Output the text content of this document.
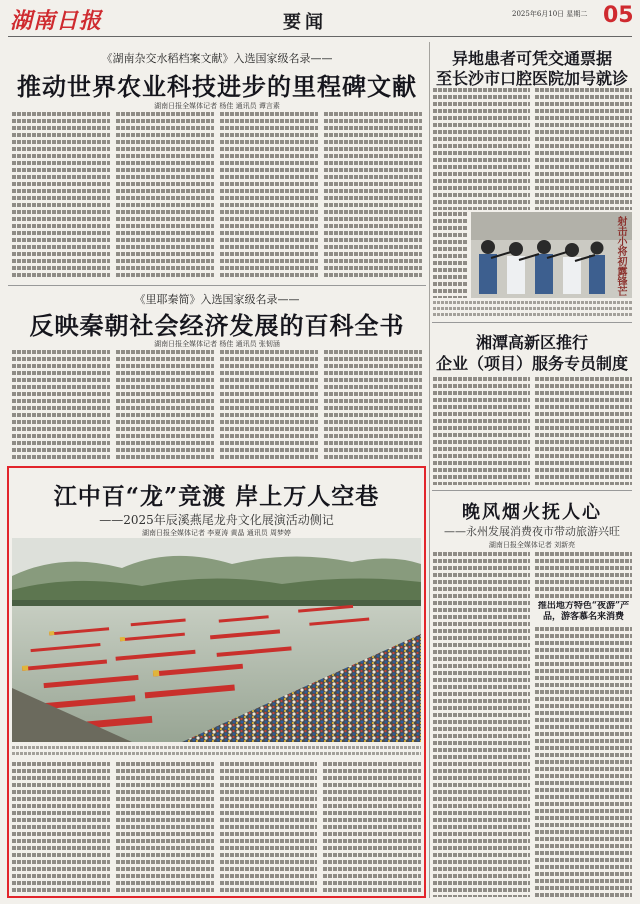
湖南日报	要闻	2025年6月10日 星期二 05
《湖南杂交水稻档案文献》入选国家级名录——
推动世界农业科技进步的里程碑文献
湖南日报全媒体记者 杨佳 通讯员 谭言素
《里耶秦简》入选国家级名录——
反映秦朝社会经济发展的百科全书
湖南日报全媒体记者 杨佳 通讯员 张韧涵
江中百“龙”竞渡 岸上万人空巷
——2025年辰溪燕尾龙舟文化展演活动侧记
湖南日报全媒体记者 李夏涛 黄晶 通讯员 周梦婷
异地患者可凭交通票据
至长沙市口腔医院加号就诊
射击小将初露锋芒
湘潭高新区推行
企业（项目）服务专员制度
晚风烟火抚人心
——永州发展消费夜市带动旅游兴旺
湖南日报全媒体记者 刘新亮
推出地方特色“夜游”产品，游客慕名来消费
